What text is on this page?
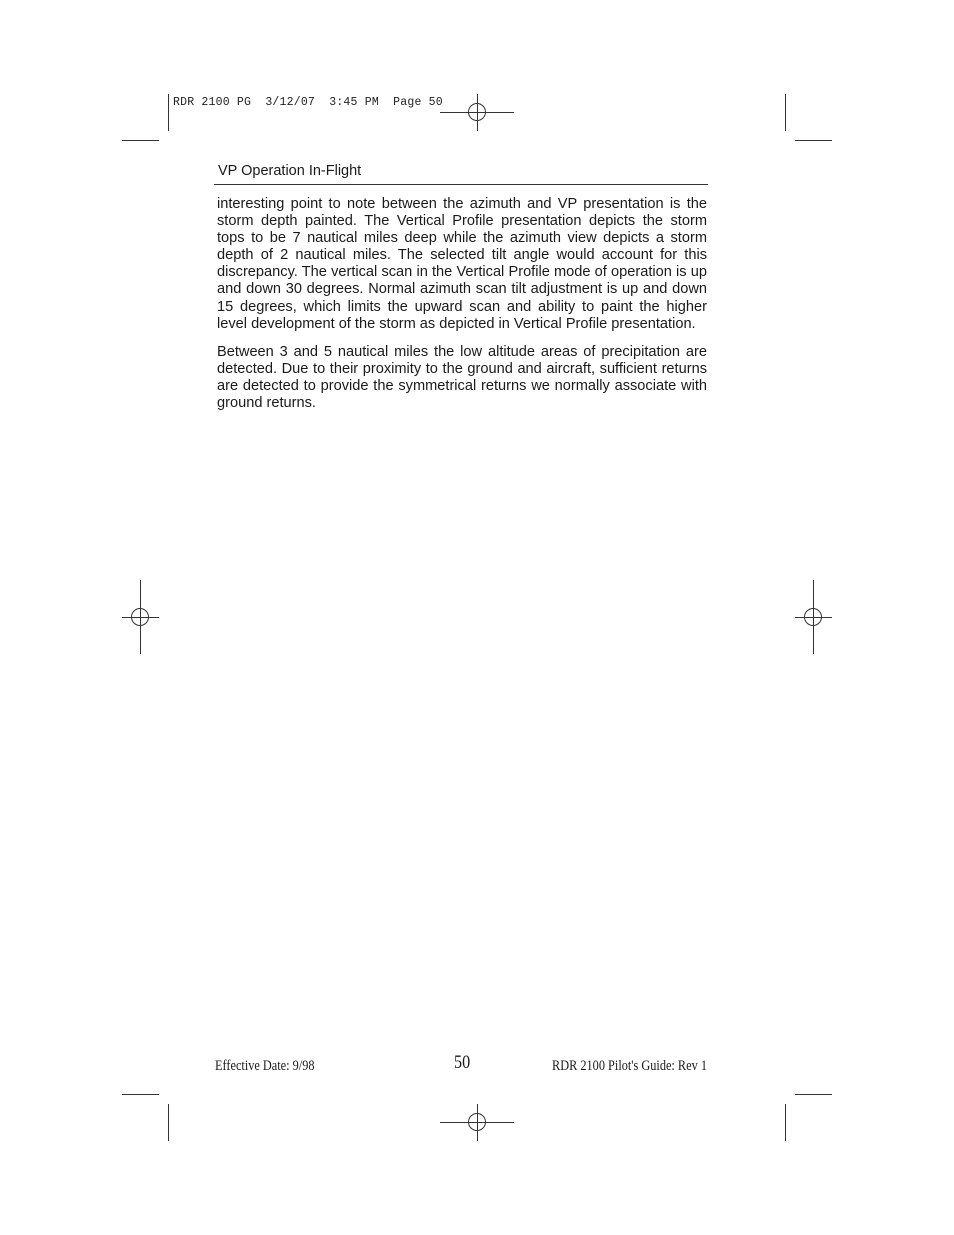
RDR 2100 PG  3/12/07  3:45 PM  Page 50
VP Operation In-Flight

interesting point to note between the azimuth and VP presentation is the storm depth painted. The Vertical Profile presentation depicts the storm tops to be 7 nautical miles deep while the azimuth view depicts a storm depth of 2 nautical miles. The selected tilt angle would account for this discrepancy. The vertical scan in the Vertical Profile mode of operation is up and down 30 degrees. Normal azimuth scan tilt adjustment is up and down 15 degrees, which limits the upward scan and ability to paint the higher level development of the storm as depicted in Vertical Profile presentation.

Between 3 and 5 nautical miles the low altitude areas of precipitation are detected. Due to their proximity to the ground and aircraft, sufficient returns are detected to provide the symmetrical returns we normally associate with ground returns.

Effective Date: 9/98	50	RDR 2100 Pilot's Guide: Rev 1
